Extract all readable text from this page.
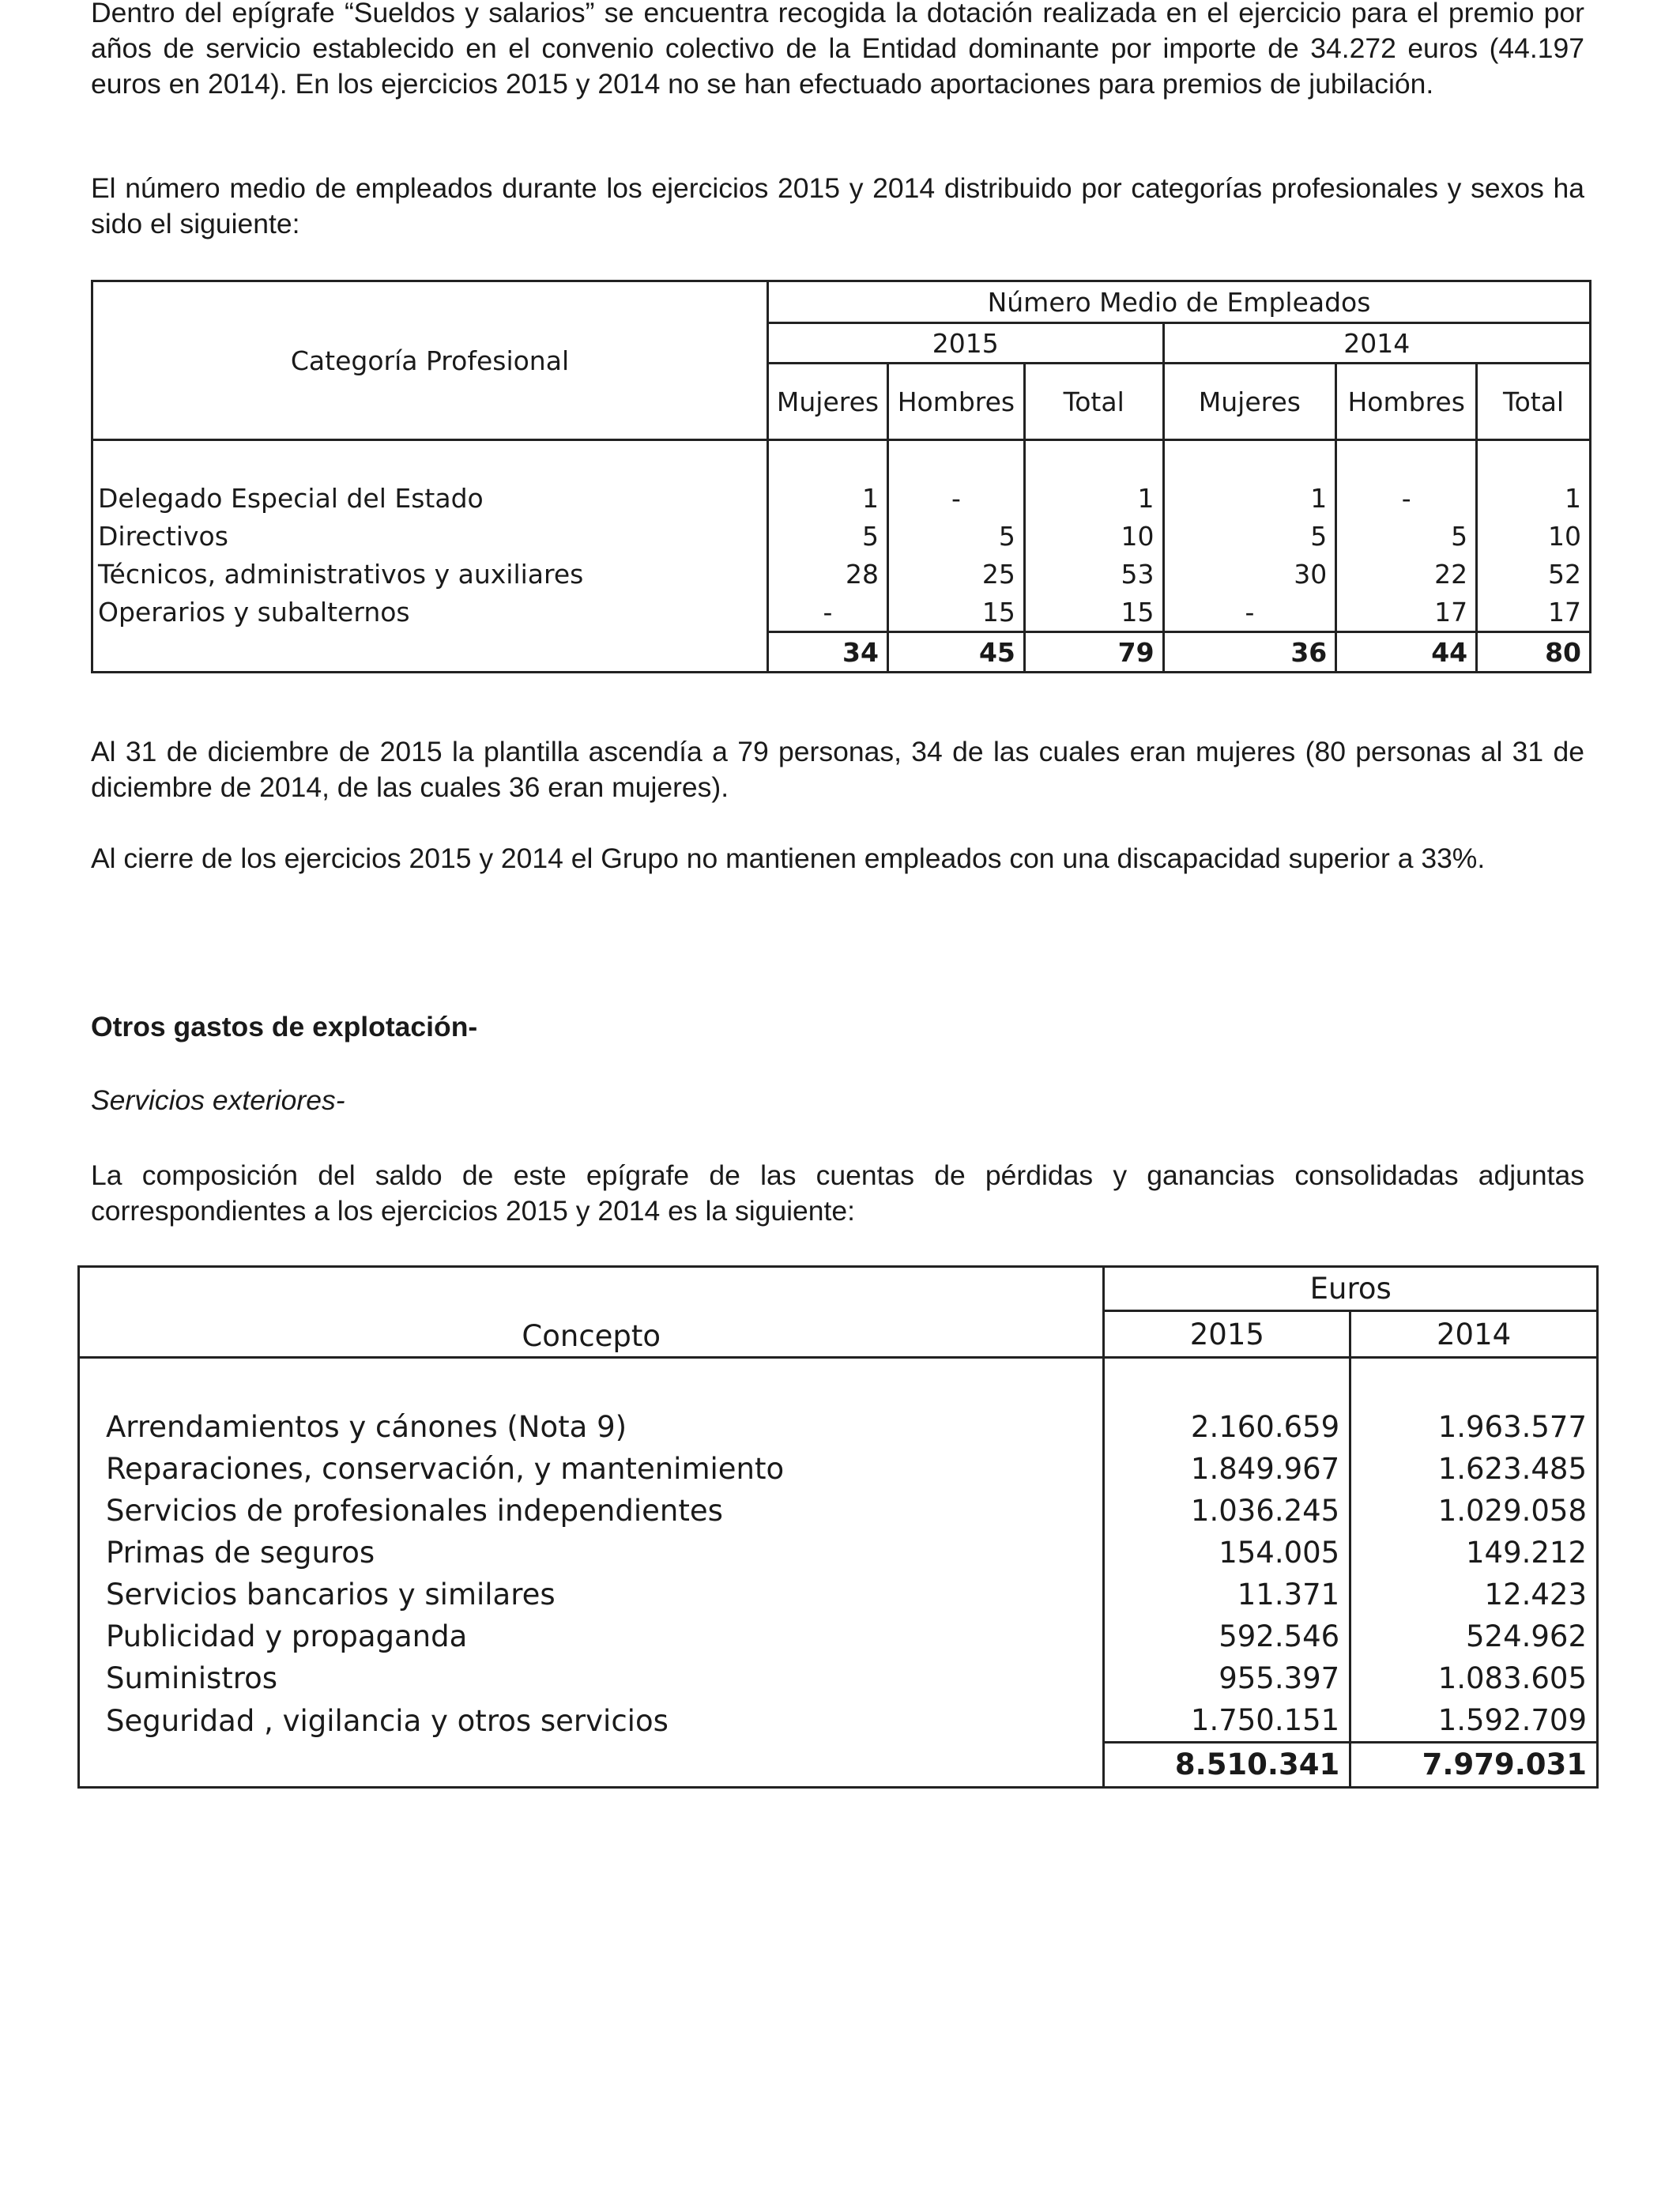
Dentro del epígrafe “Sueldos y salarios” se encuentra recogida la dotación realizada en el ejercicio para el premio por años de servicio establecido en el convenio colectivo de la Entidad dominante por importe de 34.272 euros (44.197 euros en 2014). En los ejercicios 2015 y 2014 no se han efectuado aportaciones para premios de jubilación.

El número medio de empleados durante los ejercicios 2015 y 2014 distribuido por categorías profesionales y sexos ha sido el siguiente:

Categoría Profesional	Número Medio de Empleados					
	2015			2014		
	Mujeres	Hombres	Total	Mujeres	Hombres	Total

Delegado Especial del Estado	1	-	1	1	-	1
Directivos	5	5	10	5	5	10
Técnicos, administrativos y auxiliares	28	25	53	30	22	52
Operarios y subalternos	-	15	15	-	17	17
	34	45	79	36	44	80

Al 31 de diciembre de 2015 la plantilla ascendía a 79 personas, 34 de las cuales eran mujeres (80 personas al 31 de diciembre de 2014, de las cuales 36 eran mujeres).

Al cierre de los ejercicios 2015 y 2014 el Grupo no mantienen empleados con una discapacidad superior a 33%.

Otros gastos de explotación-

Servicios exteriores-

La composición del saldo de este epígrafe de las cuentas de pérdidas y ganancias consolidadas adjuntas correspondientes a los ejercicios 2015 y 2014 es la siguiente:

Concepto	Euros	
	2015	2014

Arrendamientos y cánones (Nota 9)	2.160.659	1.963.577
Reparaciones, conservación, y mantenimiento	1.849.967	1.623.485
Servicios de profesionales independientes	1.036.245	1.029.058
Primas de seguros	154.005	149.212
Servicios bancarios y similares	11.371	12.423
Publicidad y propaganda	592.546	524.962
Suministros	955.397	1.083.605
Seguridad , vigilancia y otros servicios	1.750.151	1.592.709
	8.510.341	7.979.031
